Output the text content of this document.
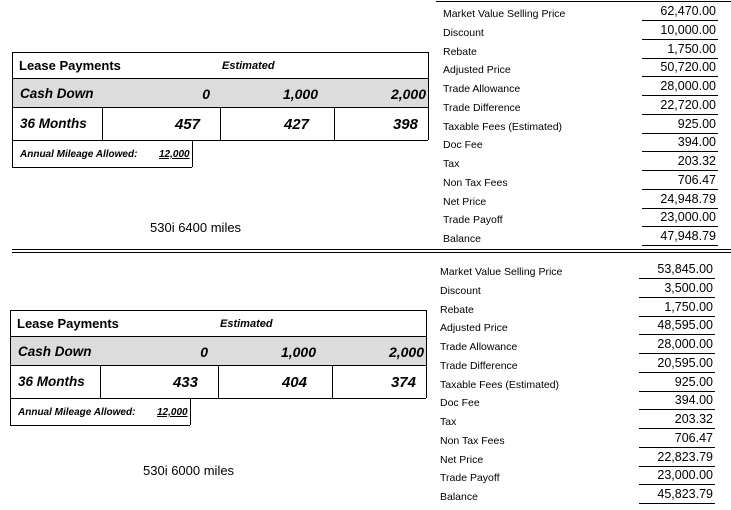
Lease Payments	Estimated
Cash Down	0	1,000	2,000
36 Months	457	427	398
Annual Mileage Allowed: 12,000
530i 6400 miles
Market Value Selling Price	62,470.00
Discount	10,000.00
Rebate	1,750.00
Adjusted Price	50,720.00
Trade Allowance	28,000.00
Trade Difference	22,720.00
Taxable Fees (Estimated)	925.00
Doc Fee	394.00
Tax	203.32
Non Tax Fees	706.47
Net Price	24,948.79
Trade Payoff	23,000.00
Balance	47,948.79
Lease Payments	Estimated
Cash Down	0	1,000	2,000
36 Months	433	404	374
Annual Mileage Allowed: 12,000
530i 6000 miles
Market Value Selling Price	53,845.00
Discount	3,500.00
Rebate	1,750.00
Adjusted Price	48,595.00
Trade Allowance	28,000.00
Trade Difference	20,595.00
Taxable Fees (Estimated)	925.00
Doc Fee	394.00
Tax	203.32
Non Tax Fees	706.47
Net Price	22,823.79
Trade Payoff	23,000.00
Balance	45,823.79
